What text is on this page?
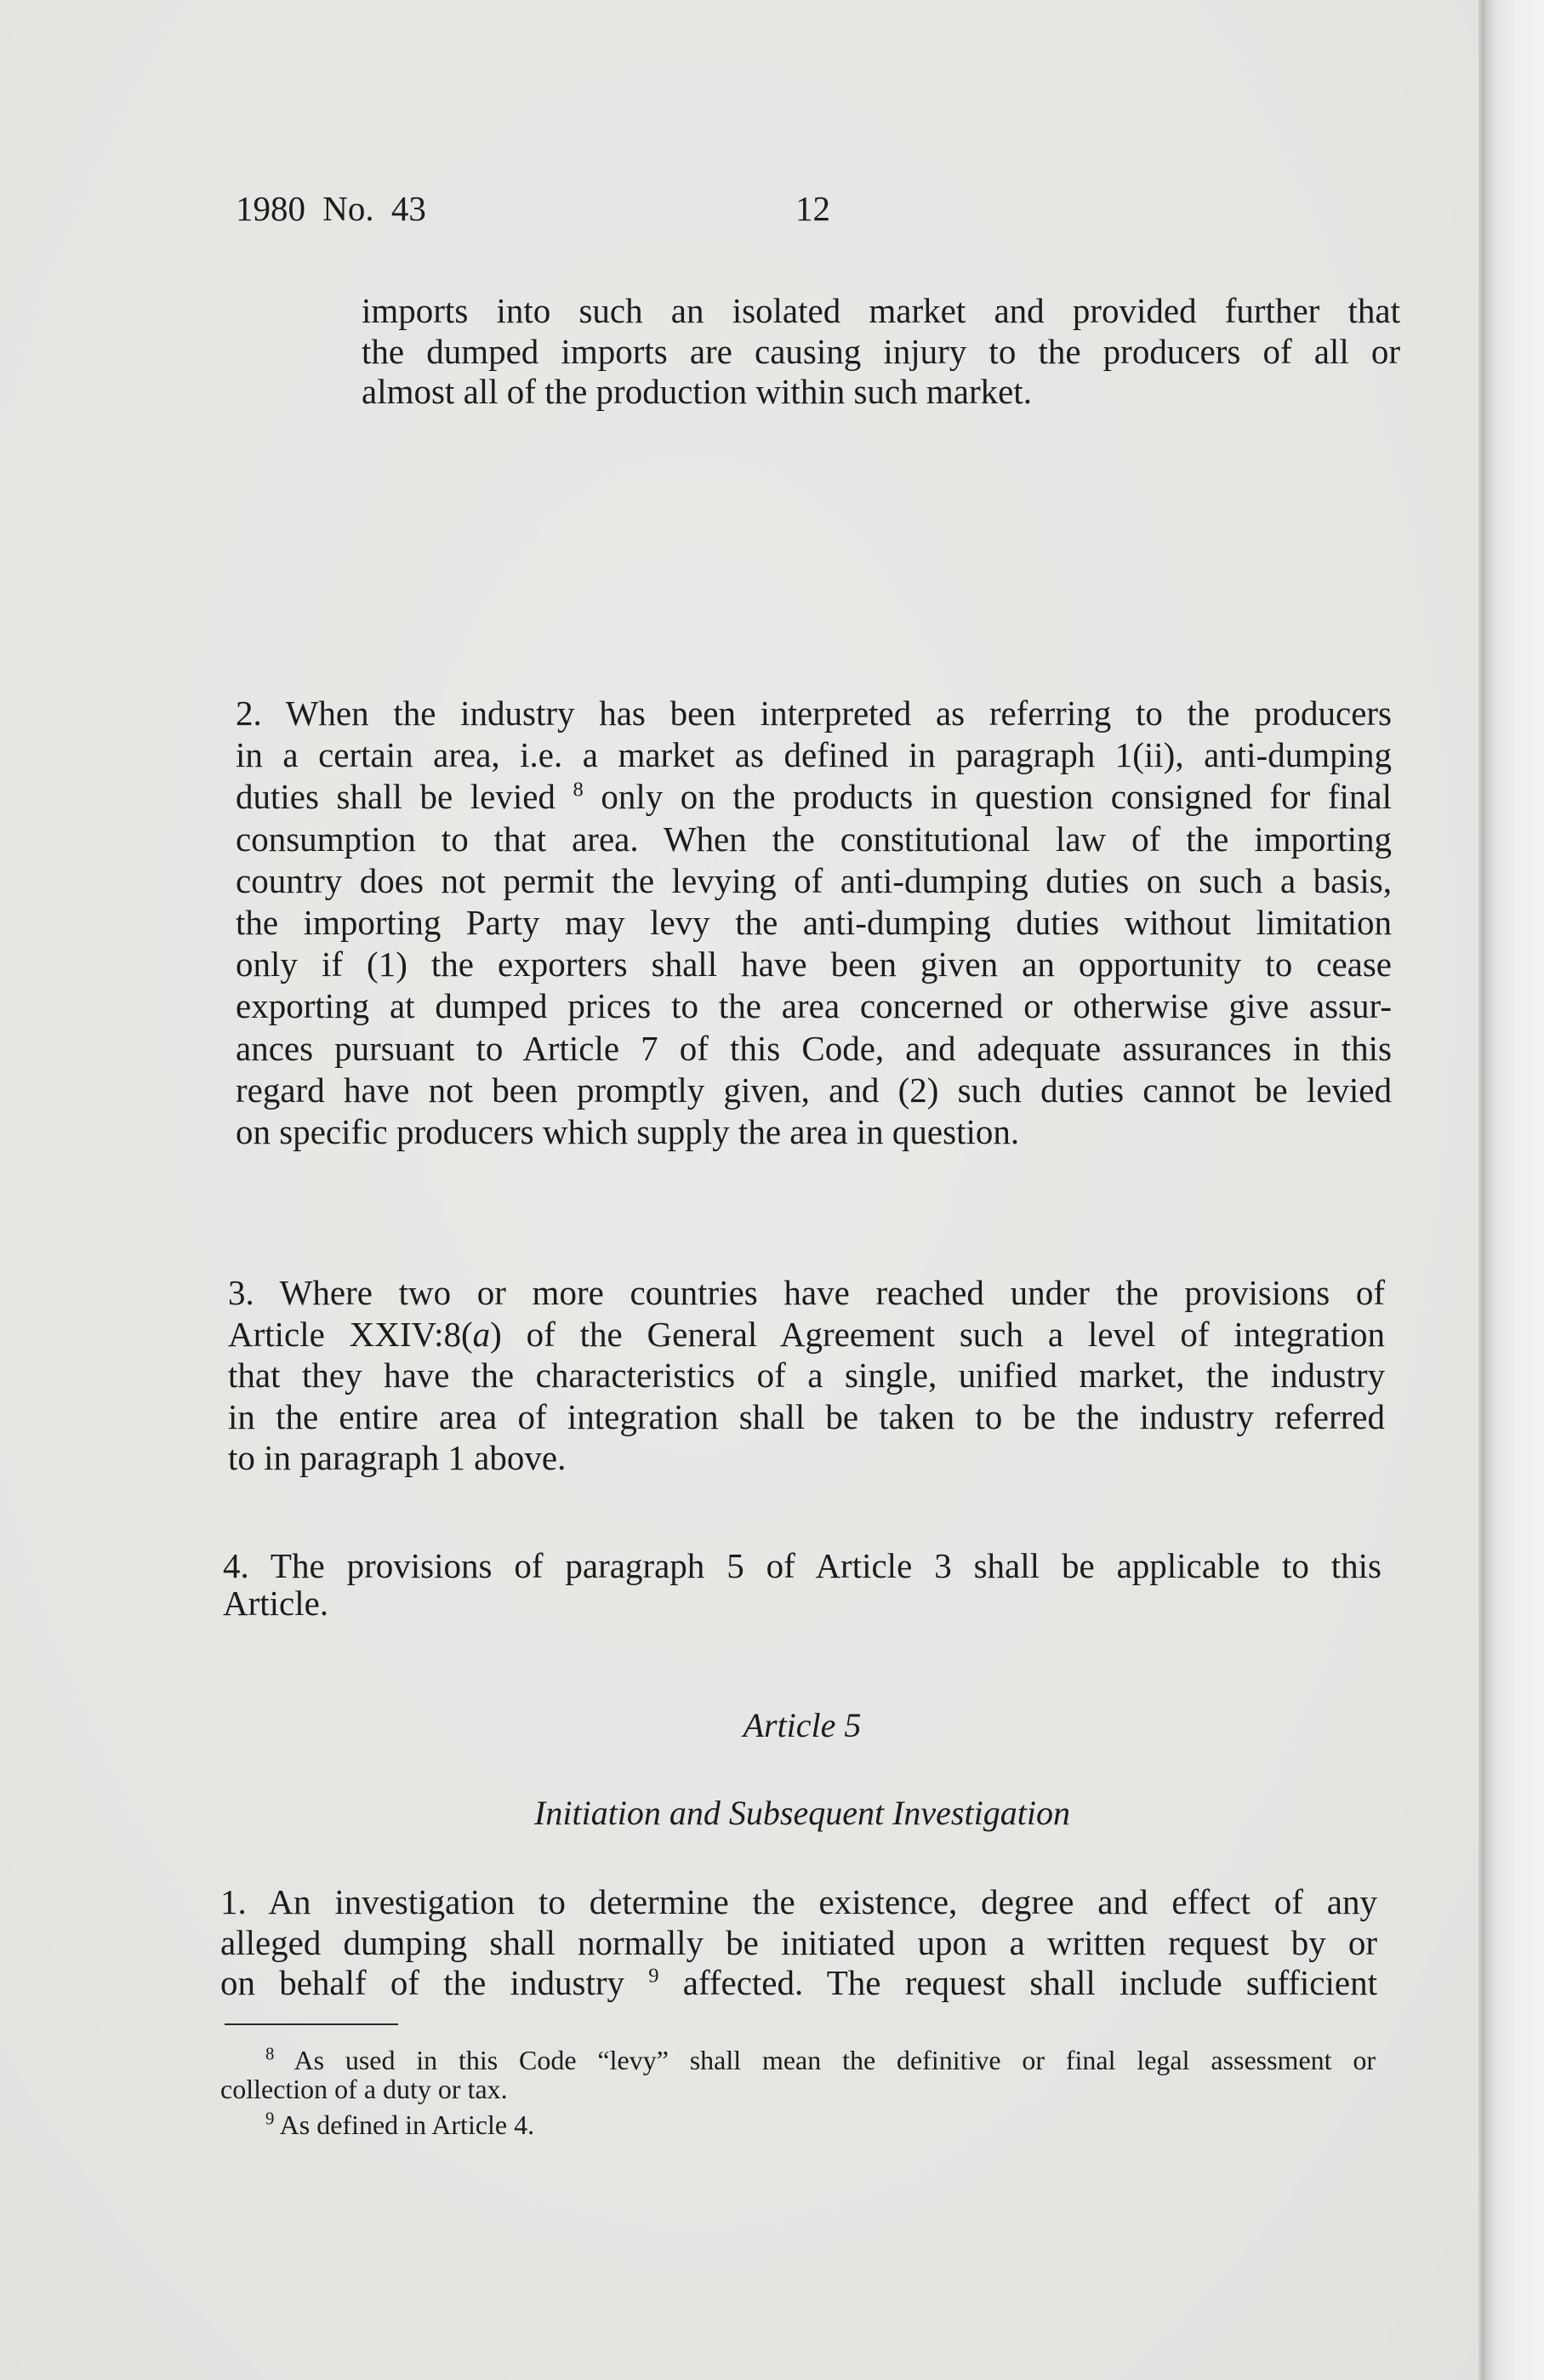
1980 No. 43	12
imports into such an isolated market and provided further that
the dumped imports are causing injury to the producers of all or
almost all of the production within such market.
2. When the industry has been interpreted as referring to the producers
in a certain area, i.e. a market as defined in paragraph 1(ii), anti-dumping
duties shall be levied $^8$ only on the products in question consigned for final
consumption to that area. When the constitutional law of the importing
country does not permit the levying of anti-dumping duties on such a basis,
the importing Party may levy the anti-dumping duties without limitation
only if (1) the exporters shall have been given an opportunity to cease
exporting at dumped prices to the area concerned or otherwise give assur-
ances pursuant to Article 7 of this Code, and adequate assurances in this
regard have not been promptly given, and (2) such duties cannot be levied
on specific producers which supply the area in question.
3. Where two or more countries have reached under the provisions of
Article XXIV:8(a) of the General Agreement such a level of integration
that they have the characteristics of a single, unified market, the industry
in the entire area of integration shall be taken to be the industry referred
to in paragraph 1 above.
4. The provisions of paragraph 5 of Article 3 shall be applicable to this
Article.
Article 5
Initiation and Subsequent Investigation
1. An investigation to determine the existence, degree and effect of any
alleged dumping shall normally be initiated upon a written request by or
on behalf of the industry $^9$ affected. The request shall include sufficient
$^8$ As used in this Code “levy” shall mean the definitive or final legal assessment or
collection of a duty or tax.
$^9$ As defined in Article 4.
